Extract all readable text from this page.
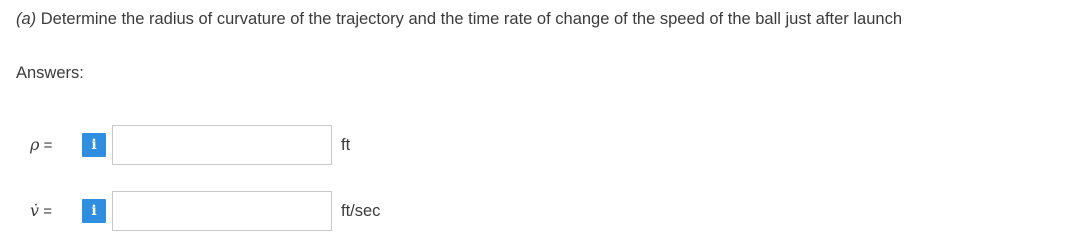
(a) Determine the radius of curvature of the trajectory and the time rate of change of the speed of the ball just after launch
Answers:
ρ =	i	ft
v̇ =	i	ft/sec
